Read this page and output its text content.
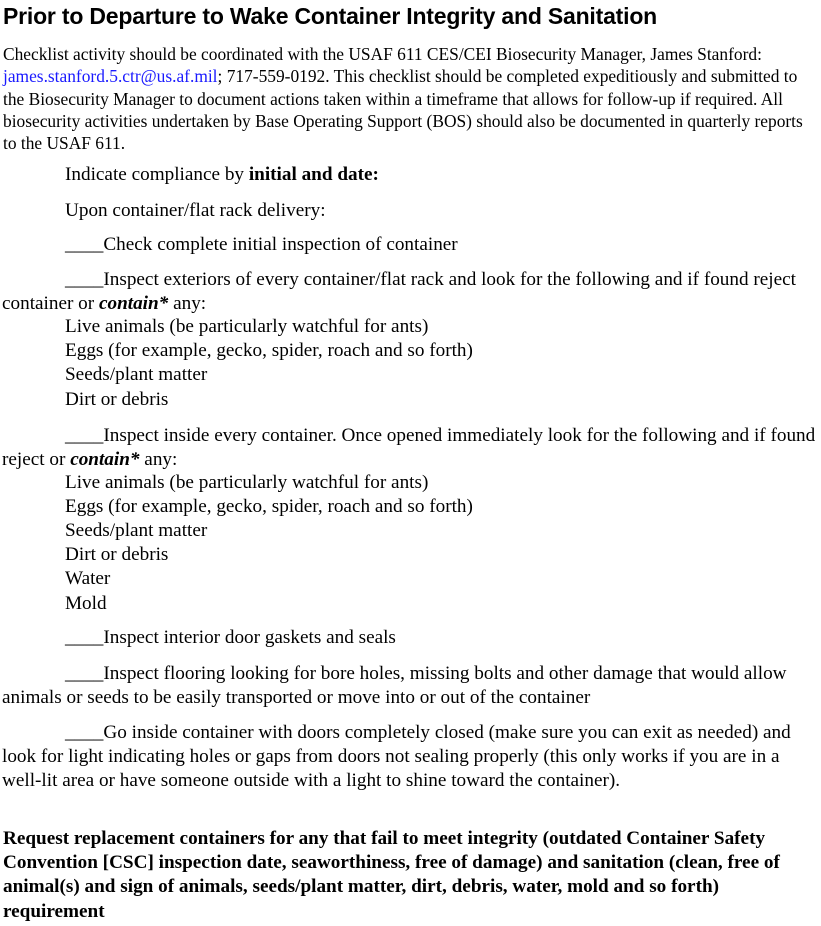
Prior to Departure to Wake Container Integrity and Sanitation
Checklist activity should be coordinated with the USAF 611 CES/CEI Biosecurity Manager, James Stanford: james.stanford.5.ctr@us.af.mil; 717-559-0192. This checklist should be completed expeditiously and submitted to the Biosecurity Manager to document actions taken within a timeframe that allows for follow-up if required. All biosecurity activities undertaken by Base Operating Support (BOS) should also be documented in quarterly reports to the USAF 611.
Indicate compliance by initial and date:
Upon container/flat rack delivery:
____Check complete initial inspection of container
____Inspect exteriors of every container/flat rack and look for the following and if found reject container or contain* any:
Live animals (be particularly watchful for ants)
Eggs (for example, gecko, spider, roach and so forth)
Seeds/plant matter
Dirt or debris
____Inspect inside every container. Once opened immediately look for the following and if found reject or contain* any:
Live animals (be particularly watchful for ants)
Eggs (for example, gecko, spider, roach and so forth)
Seeds/plant matter
Dirt or debris
Water
Mold
____Inspect interior door gaskets and seals
____Inspect flooring looking for bore holes, missing bolts and other damage that would allow animals or seeds to be easily transported or move into or out of the container
____Go inside container with doors completely closed (make sure you can exit as needed) and look for light indicating holes or gaps from doors not sealing properly (this only works if you are in a well-lit area or have someone outside with a light to shine toward the container).
Request replacement containers for any that fail to meet integrity (outdated Container Safety Convention [CSC] inspection date, seaworthiness, free of damage) and sanitation (clean, free of animal(s) and sign of animals, seeds/plant matter, dirt, debris, water, mold and so forth) requirement
